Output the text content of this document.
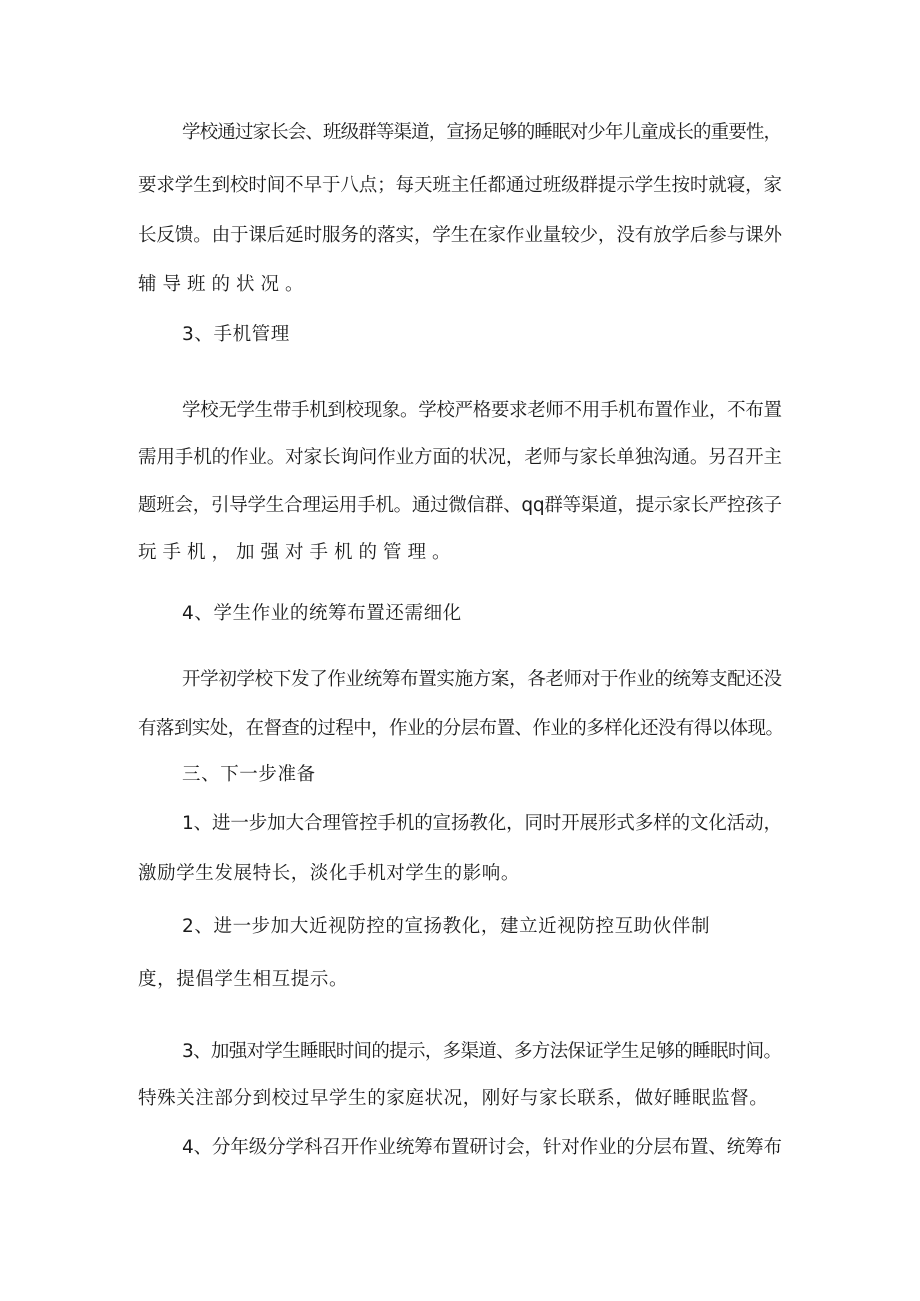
学校通过家长会、班级群等渠道，宣扬足够的睡眠对少年儿童成长的重要性，
要求学生到校时间不早于八点；每天班主任都通过班级群提示学生按时就寝，家
长反馈。由于课后延时服务的落实，学生在家作业量较少，没有放学后参与课外
辅导班的状况。
3、手机管理
学校无学生带手机到校现象。学校严格要求老师不用手机布置作业，不布置
需用手机的作业。对家长询问作业方面的状况，老师与家长单独沟通。另召开主
题班会，引导学生合理运用手机。通过微信群、qq群等渠道，提示家长严控孩子
玩手机，加强对手机的管理。
4、学生作业的统筹布置还需细化
开学初学校下发了作业统筹布置实施方案，各老师对于作业的统筹支配还没
有落到实处，在督查的过程中，作业的分层布置、作业的多样化还没有得以体现。
三、下一步准备
1、进一步加大合理管控手机的宣扬教化，同时开展形式多样的文化活动，
激励学生发展特长，淡化手机对学生的影响。
2、进一步加大近视防控的宣扬教化，建立近视防控互助伙伴制
度，提倡学生相互提示。
3、加强对学生睡眠时间的提示，多渠道、多方法保证学生足够的睡眠时间。
特殊关注部分到校过早学生的家庭状况，刚好与家长联系，做好睡眠监督。
4、分年级分学科召开作业统筹布置研讨会，针对作业的分层布置、统筹布
